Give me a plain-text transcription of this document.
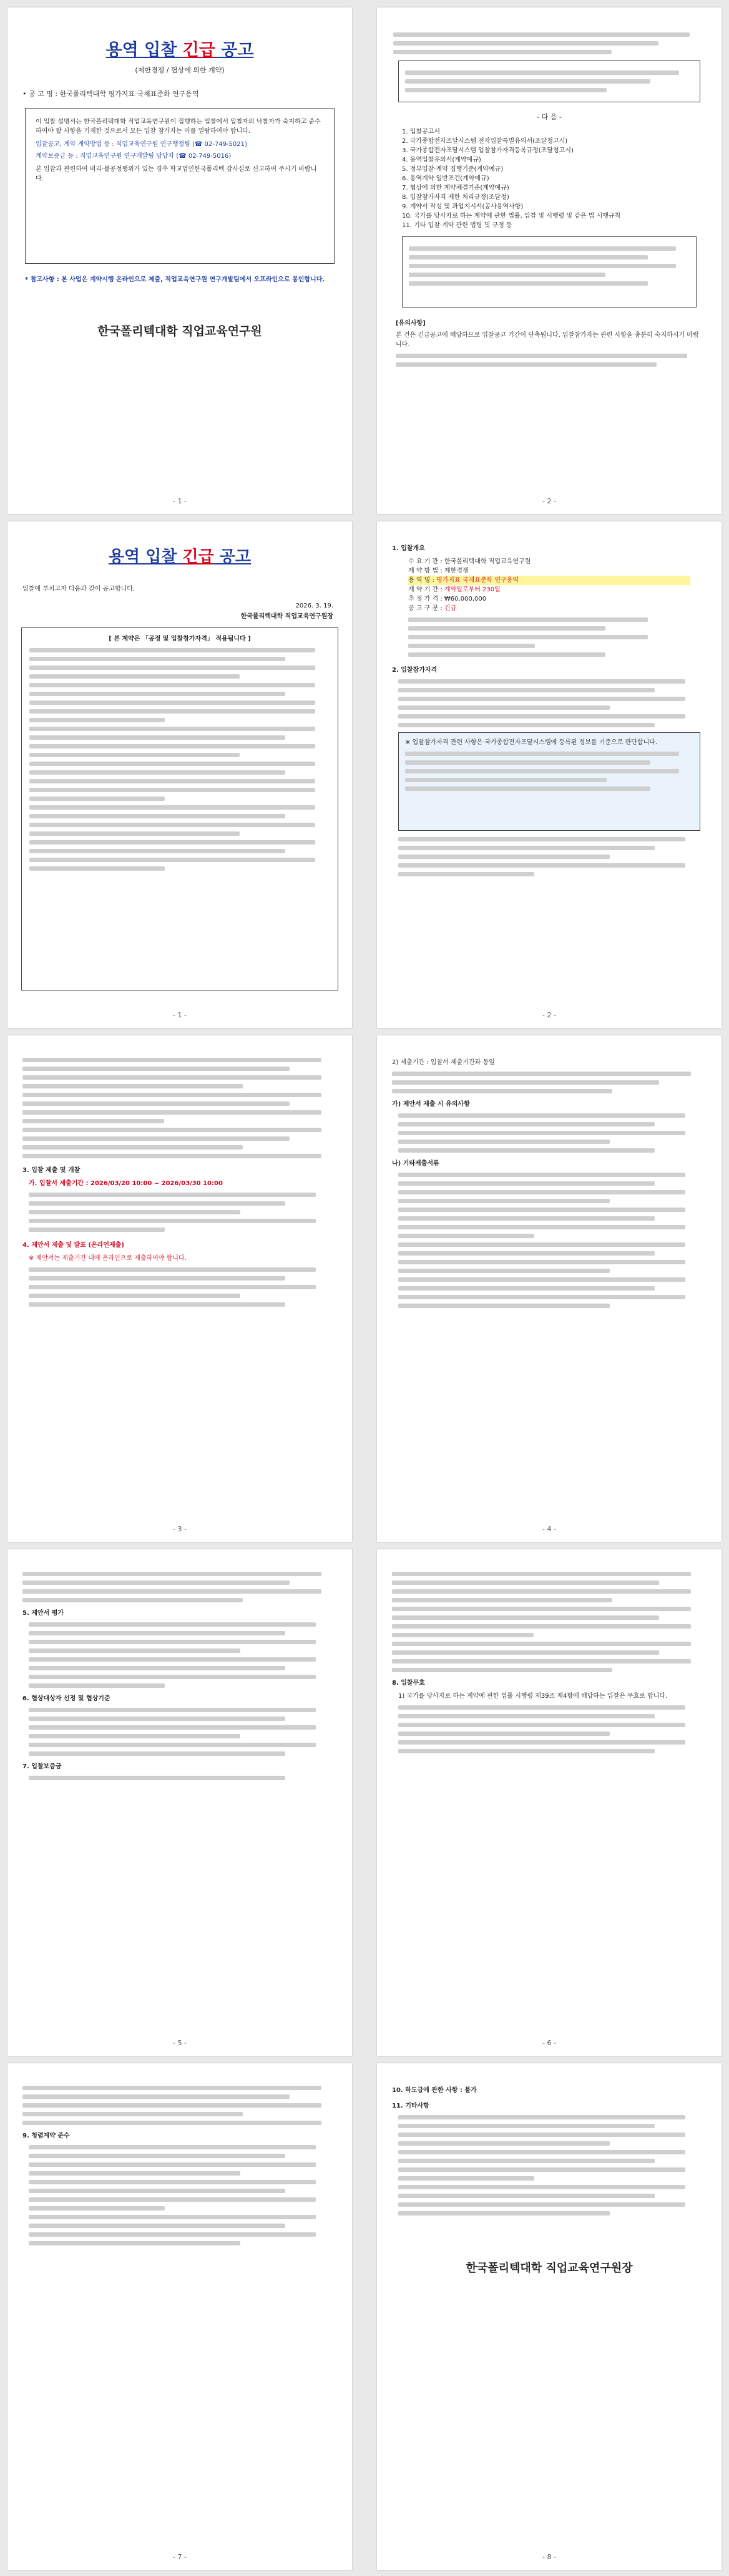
용역 입찰 긴급 공고
(제한경쟁 / 협상에 의한 계약)
• 공 고 명 : 한국폴리텍대학 평가지표 국제표준화 연구용역
이 입찰 설명서는 한국폴리텍대학 직업교육연구원이 집행하는 입찰에서 입찰자의 낙찰자가 숙지하고 준수하여야 할 사항을 기재한 것으로서 모든 입찰 참가자는 이를 열람하여야 합니다.
입찰공고, 계약 계약방법 등 : 직업교육연구원 연구행정팀 (☎ 02-749-5021)
계약보증금 등 : 직업교육연구원 연구개발팀 담당자 (☎ 02-749-5016)
본 입찰과 관련하여 비리·불공정행위가 있는 경우 학교법인한국폴리텍 감사실로 신고하여 주시기 바랍니다.
* 참고사항 : 본 사업은 계약시행 온라인으로 제출, 직업교육연구원 연구개발팀에서 오프라인으로 봉인합니다.
한국폴리텍대학 직업교육연구원
- 1 -
- 다 음 -
1. 입찰공고서
2. 국가종합전자조달시스템 전자입찰특별유의서(조달청고시)
3. 국가종합전자조달시스템 입찰참가자격등록규정(조달청고시)
4. 용역입찰유의서(계약예규)
5. 정부입찰·계약 집행기준(계약예규)
6. 용역계약 일반조건(계약예규)
7. 협상에 의한 계약체결기준(계약예규)
8. 입찰참가자격 제한 처리규정(조달청)
9. 계약서 작성 및 과업지시서(공사용역사항)
10. 국가를 당사자로 하는 계약에 관한 법률, 입찰 및 시행령 및 같은 법 시행규칙
11. 기타 입찰·계약 관련 법령 및 규정 등
[유의사항]
본 건은 긴급공고에 해당하므로 입찰공고 기간이 단축됩니다. 입찰참가자는 관련 사항을 충분히 숙지하시기 바랍니다.
- 2 -
용역 입찰 긴급 공고
입찰에 부치고자 다음과 같이 공고합니다.
2026. 3. 19.
한국폴리텍대학 직업교육연구원장
[ 본 계약은 「공정 및 입찰참가자격」 적용됩니다 ]
- 1 -
1. 입찰개요
수 요 기 관 : 한국폴리텍대학 직업교육연구원
계 약 방 법 : 제한경쟁
용 역 명 : 평가지표 국제표준화 연구용역
계 약 기 간 : 계약일로부터 230일
추 정 가 격 : ₩60,000,000
공 고 구 분 : 긴급
2. 입찰참가자격
※ 입찰참가자격 관련 사항은 국가종합전자조달시스템에 등록된 정보를 기준으로 판단합니다.
- 2 -
3. 입찰 제출 및 개찰
가. 입찰서 제출기간 : 2026/03/20 10:00 ~ 2026/03/30 10:00
4. 제안서 제출 및 발표 (온라인제출)
※ 제안서는 제출기간 내에 온라인으로 제출하여야 합니다.
- 3 -
2) 제출기간 : 입찰서 제출기간과 동일
가) 제안서 제출 시 유의사항
나) 기타제출서류
- 4 -
5. 제안서 평가
6. 협상대상자 선정 및 협상기준
7. 입찰보증금
- 5 -
8. 입찰무효
1) 국가를 당사자로 하는 계약에 관한 법률 시행령 제39조 제4항에 해당하는 입찰은 무효로 합니다.
- 6 -
9. 청렴계약 준수
- 7 -
10. 하도급에 관한 사항 : 불가
11. 기타사항
한국폴리텍대학 직업교육연구원장
- 8 -
